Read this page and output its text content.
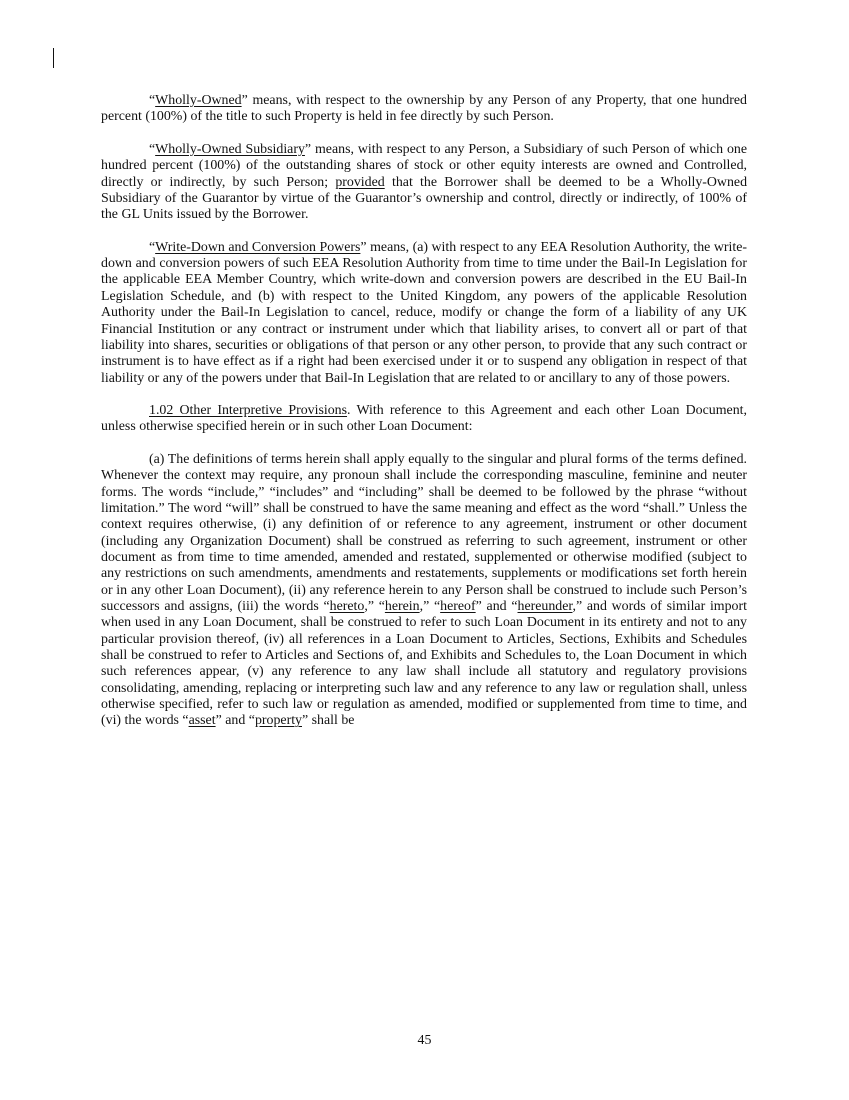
“Wholly-Owned” means, with respect to the ownership by any Person of any Property, that one hundred percent (100%) of the title to such Property is held in fee directly by such Person.

“Wholly-Owned Subsidiary” means, with respect to any Person, a Subsidiary of such Person of which one hundred percent (100%) of the outstanding shares of stock or other equity interests are owned and Controlled, directly or indirectly, by such Person; provided that the Borrower shall be deemed to be a Wholly-Owned Subsidiary of the Guarantor by virtue of the Guarantor’s ownership and control, directly or indirectly, of 100% of the GL Units issued by the Borrower.

“Write-Down and Conversion Powers” means, (a) with respect to any EEA Resolution Authority, the write-down and conversion powers of such EEA Resolution Authority from time to time under the Bail-In Legislation for the applicable EEA Member Country, which write-down and conversion powers are described in the EU Bail-In Legislation Schedule, and (b) with respect to the United Kingdom, any powers of the applicable Resolution Authority under the Bail-In Legislation to cancel, reduce, modify or change the form of a liability of any UK Financial Institution or any contract or instrument under which that liability arises, to convert all or part of that liability into shares, securities or obligations of that person or any other person, to provide that any such contract or instrument is to have effect as if a right had been exercised under it or to suspend any obligation in respect of that liability or any of the powers under that Bail-In Legislation that are related to or ancillary to any of those powers.

1.02 Other Interpretive Provisions. With reference to this Agreement and each other Loan Document, unless otherwise specified herein or in such other Loan Document:

(a) The definitions of terms herein shall apply equally to the singular and plural forms of the terms defined. Whenever the context may require, any pronoun shall include the corresponding masculine, feminine and neuter forms. The words “include,” “includes” and “including” shall be deemed to be followed by the phrase “without limitation.” The word “will” shall be construed to have the same meaning and effect as the word “shall.” Unless the context requires otherwise, (i) any definition of or reference to any agreement, instrument or other document (including any Organization Document) shall be construed as referring to such agreement, instrument or other document as from time to time amended, amended and restated, supplemented or otherwise modified (subject to any restrictions on such amendments, amendments and restatements, supplements or modifications set forth herein or in any other Loan Document), (ii) any reference herein to any Person shall be construed to include such Person’s successors and assigns, (iii) the words “hereto,” “herein,” “hereof” and “hereunder,” and words of similar import when used in any Loan Document, shall be construed to refer to such Loan Document in its entirety and not to any particular provision thereof, (iv) all references in a Loan Document to Articles, Sections, Exhibits and Schedules shall be construed to refer to Articles and Sections of, and Exhibits and Schedules to, the Loan Document in which such references appear, (v) any reference to any law shall include all statutory and regulatory provisions consolidating, amending, replacing or interpreting such law and any reference to any law or regulation shall, unless otherwise specified, refer to such law or regulation as amended, modified or supplemented from time to time, and (vi) the words “asset” and “property” shall be

45
